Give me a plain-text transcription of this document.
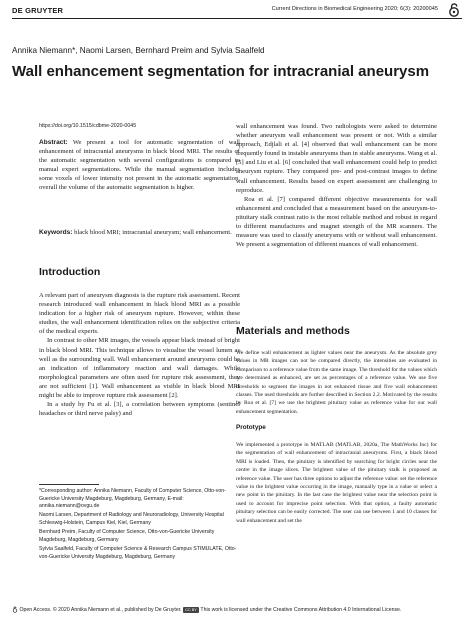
DE GRUYTER	Current Directions in Biomedical Engineering 2020; 6(3): 20200045
Annika Niemann*, Naomi Larsen, Bernhard Preim and Sylvia Saalfeld
Wall enhancement segmentation for intracranial aneurysm
https://doi.org/10.1515/cdbme-2020-0045

Abstract: We present a tool for automatic segmentation of wall enhancement of intracranial aneurysms in black blood MRI. The results of the automatic segmentation with several configurations is compared to manual expert segmentations. While the manual segmentation includes some voxels of lower intensity not present in the automatic segmentation, overall the volume of the automatic segmentation is higher.

Keywords: black blood MRI; intracranial aneurysm; wall enhancement.

Introduction

A relevant part of aneurysm diagnosis is the rupture risk assessment. Recent research introduced wall enhancement in black blood MRI as a possible indication for a higher risk of aneurysm rupture. However, within these studies, the wall enhancement identification relies on the subjective criteria of the medical experts.

In contrast to other MR images, the vessels appear black instead of bright in black blood MRI. This technique allows to visualise the vessel lumen as well as the surrounding wall. Wall enhancement around aneurysms could be an indication of inflammatory reaction and wall damages. While morphological parameters are often used for rupture risk assessment, they are not sufficient [1]. Wall enhancement as visible in black blood MRI might be able to improve rupture risk assessment [2].

In a study by Fu et al. [3], a correlation between symptoms (sentinel headaches or third nerve palsy) and

*Corresponding author: Annika Niemann, Faculty of Computer Science, Otto-von-Guericke University Magdeburg, Magdeburg, Germany, E-mail: annika.niemann@ovgu.de

Naomi Larsen, Department of Radiology and Neuroradiology, University Hospital Schleswig-Holstein, Campus Kiel, Kiel, Germany

Bernhard Preim, Faculty of Computer Science, Otto-von-Guericke University Magdeburg, Magdeburg, Germany

Sylvia Saalfeld, Faculty of Computer Science & Research Campus STIMULATE, Otto-von-Guericke University Magdeburg, Magdeburg, Germany

wall enhancement was found. Two radiologists were asked to determine whether aneurysm wall enhancement was present or not. With a similar approach, Edjlali et al. [4] observed that wall enhancement can be more frequently found in instable aneurysms than in stable aneurysms. Wang et al. [5] and Liu et al. [6] concluded that wall enhancement could help to predict aneurysm rupture. They compared pre- and post-contrast images to define wall enhancement. Results based on expert assessment are challenging to reproduce.

Roa et al. [7] compared different objective measurements for wall enhancement and concluded that a measurement based on the aneurysm-to-pituitary stalk contrast ratio is the most reliable method and robust in regard to different manufactures and magnet strength of the MR scanners. The measure was used to classify aneurysms with or without wall enhancement. We present a segmentation of different nuances of wall enhancement.

Materials and methods

We define wall enhancement as lighter values near the aneurysm. As the absolute grey values in MR images can not be compared directly, the intensities are evaluated in comparison to a reference value from the same image. The threshold for the values which are determined as enhanced, are set as percentages of a reference value. We use five thresholds to segment the images in not enhanced tissue and five wall enhancement classes. The used thresholds are further described in Section 2.2. Motivated by the results by Roa et al. [7] we use the brightest pituitary value as reference value for our wall enhancement segmentation.

Prototype

We implemented a prototype in MATLAB (MATLAB, 2020a, The MathWorks Inc) for the segmentation of wall enhancement of intracranial aneurysms. First, a black blood MRI is loaded. Then, the pituitary is identified by searching for bright circles near the centre in the image slices. The brightest value of the pituitary stalk is proposed as reference value. The user has three options to adjust the reference value: set the reference value to the brightest value occurring in the image, manually type in a value or select a new point in the pituitary. In the last case the brightest value near the selection point is used to account for imprecise point selection. With that option, a faulty automatic pituitary selection can be easily corrected. The user can use between 1 and 10 classes for wall enhancement and set the

Open Access. © 2020 Annika Niemann et al., published by De Gruyter. CC BY This work is licensed under the Creative Commons Attribution 4.0 International License.
